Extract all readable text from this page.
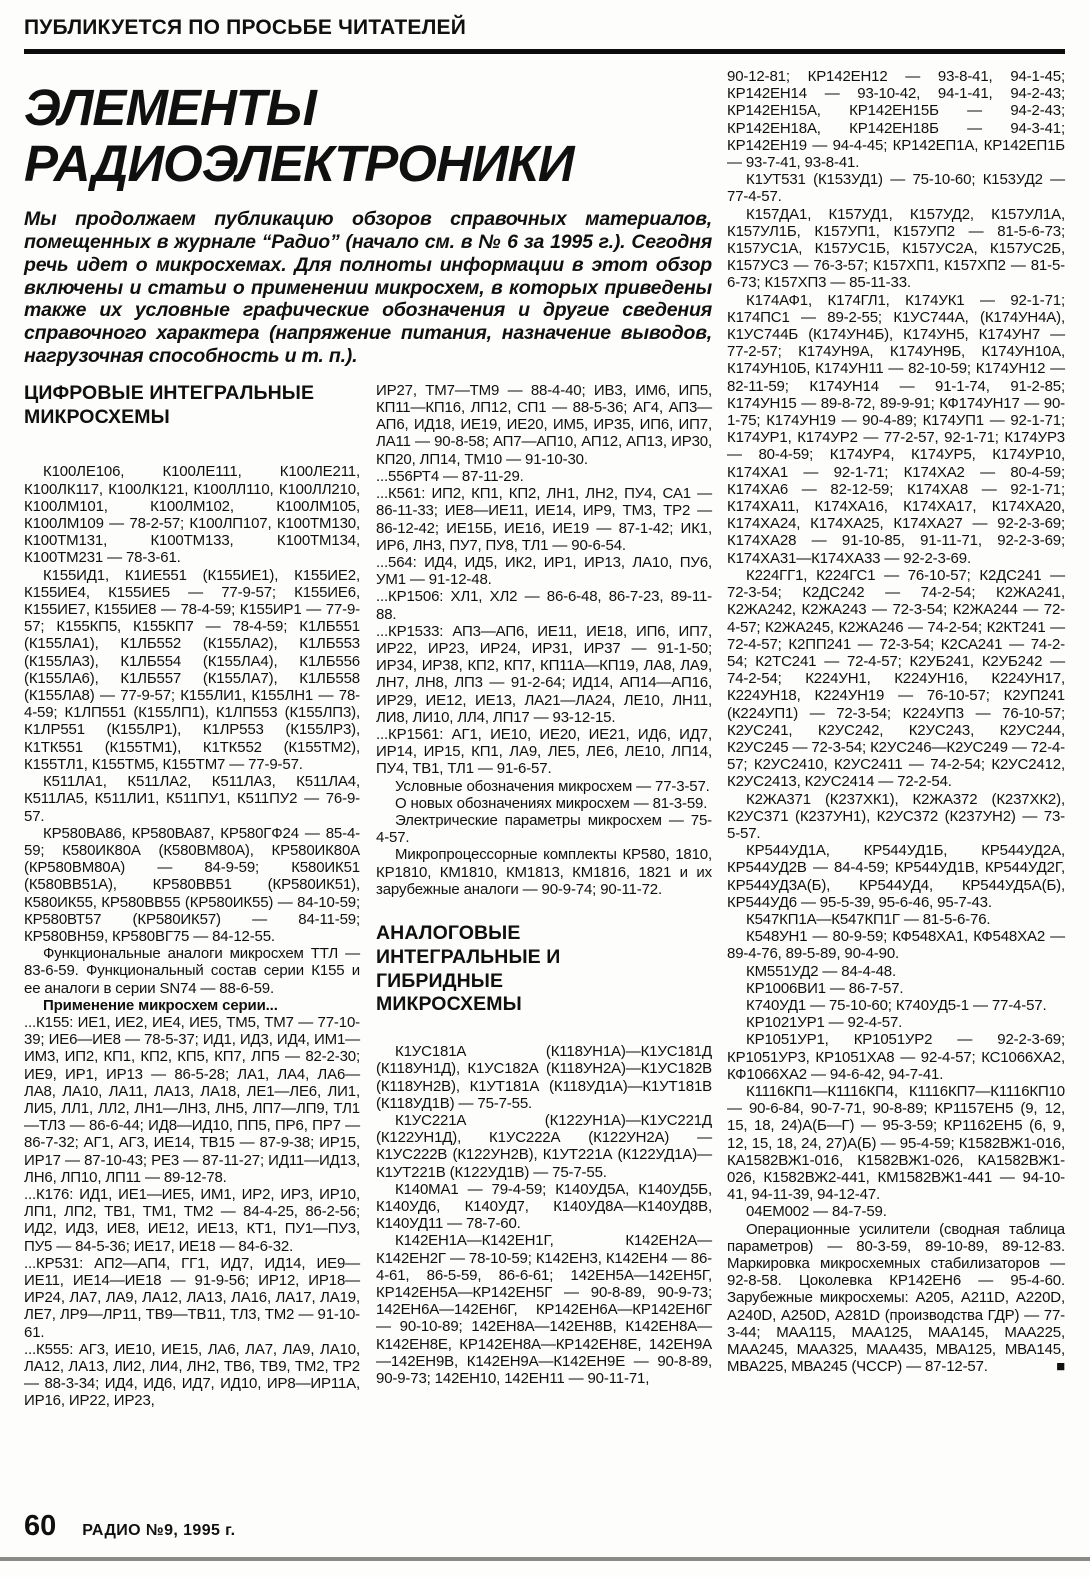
ПУБЛИКУЕТСЯ ПО ПРОСЬБЕ ЧИТАТЕЛЕЙ
ЭЛЕМЕНТЫ
РАДИОЭЛЕКТРОНИКИ

Мы продолжаем публикацию обзоров справочных материалов, помещенных в журнале “Радио” (начало см. в № 6 за 1995 г.). Сегодня речь идет о микросхемах. Для полноты информации в этот обзор включены и статьи о применении микросхем, в которых приведены также их условные графические обозначения и другие сведения справочного характера (напряжение питания, назначение выводов, нагрузочная способность и т. п.).

ЦИФРОВЫЕ ИНТЕГРАЛЬНЫЕ МИКРОСХЕМЫ

К100ЛЕ106, К100ЛЕ111, К100ЛЕ211, К100ЛК117, К100ЛК121, К100ЛЛ110, К100ЛЛ210, К100ЛМ101, К100ЛМ102, К100ЛМ105, К100ЛМ109 — 78-2-57; К100ЛП107, К100ТМ130, К100ТМ131, К100ТМ133, К100ТМ134, К100ТМ231 — 78-3-61.

К155ИД1, К1ИЕ551 (К155ИЕ1), К155ИЕ2, К155ИЕ4, К155ИЕ5 — 77-9-57; К155ИЕ6, К155ИЕ7, К155ИЕ8 — 78-4-59; К155ИР1 — 77-9-57; К155КП5, К155КП7 — 78-4-59; К1ЛБ551 (К155ЛА1), К1ЛБ552 (К155ЛА2), К1ЛБ553 (К155ЛА3), К1ЛБ554 (К155ЛА4), К1ЛБ556 (К155ЛА6), К1ЛБ557 (К155ЛА7), К1ЛБ558 (К155ЛА8) — 77-9-57; К155ЛИ1, К155ЛН1 — 78-4-59; К1ЛП551 (К155ЛП1), К1ЛП553 (К155ЛП3), К1ЛР551 (К155ЛР1), К1ЛР553 (К155ЛР3), К1ТК551 (К155ТМ1), К1ТК552 (К155ТМ2), К155ТЛ1, К155ТМ5, К155ТМ7 — 77-9-57.

К511ЛА1, К511ЛА2, К511ЛА3, К511ЛА4, К511ЛА5, К511ЛИ1, К511ПУ1, К511ПУ2 — 76-9-57.

КР580ВА86, КР580ВА87, КР580ГФ24 — 85-4-59; К580ИК80А (К580ВМ80А), КР580ИК80А (КР580ВМ80А) — 84-9-59; К580ИК51 (К580ВВ51А), КР580ВВ51 (КР580ИК51), К580ИК55, КР580ВВ55 (КР580ИК55) — 84-10-59; КР580ВТ57 (КР580ИК57) — 84-11-59; КР580ВН59, КР580ВГ75 — 84-12-55.

Функциональные аналоги микросхем ТТЛ — 83-6-59. Функциональный состав серии К155 и ее аналоги в серии SN74 — 88-6-59.

Применение микросхем серии...

...К155: ИЕ1, ИЕ2, ИЕ4, ИЕ5, ТМ5, ТМ7 — 77-10-39; ИЕ6—ИЕ8 — 78-5-37; ИД1, ИД3, ИД4, ИМ1—ИМ3, ИП2, КП1, КП2, КП5, КП7, ЛП5 — 82-2-30; ИЕ9, ИР1, ИР13 — 86-5-28; ЛА1, ЛА4, ЛА6—ЛА8, ЛА10, ЛА11, ЛА13, ЛА18, ЛЕ1—ЛЕ6, ЛИ1, ЛИ5, ЛЛ1, ЛЛ2, ЛН1—ЛН3, ЛН5, ЛП7—ЛП9, ТЛ1—ТЛ3 — 86-6-44; ИД8—ИД10, ПП5, ПР6, ПР7 — 86-7-32; АГ1, АГ3, ИЕ14, ТВ15 — 87-9-38; ИР15, ИР17 — 87-10-43; РЕ3 — 87-11-27; ИД11—ИД13, ЛН6, ЛП10, ЛП11 — 89-12-78.

...К176: ИД1, ИЕ1—ИЕ5, ИМ1, ИР2, ИР3, ИР10, ЛП1, ЛП2, ТВ1, ТМ1, ТМ2 — 84-4-25, 86-2-56; ИД2, ИД3, ИЕ8, ИЕ12, ИЕ13, КТ1, ПУ1—ПУ3, ПУ5 — 84-5-36; ИЕ17, ИЕ18 — 84-6-32.

...КР531: АП2—АП4, ГГ1, ИД7, ИД14, ИЕ9—ИЕ11, ИЕ14—ИЕ18 — 91-9-56; ИР12, ИР18—ИР24, ЛА7, ЛА9, ЛА12, ЛА13, ЛА16, ЛА17, ЛА19, ЛЕ7, ЛР9—ЛР11, ТВ9—ТВ11, ТЛ3, ТМ2 — 91-10-61.

...К555: АГ3, ИЕ10, ИЕ15, ЛА6, ЛА7, ЛА9, ЛА10, ЛА12, ЛА13, ЛИ2, ЛИ4, ЛН2, ТВ6, ТВ9, ТМ2, ТР2 — 88-3-34; ИД4, ИД6, ИД7, ИД10, ИР8—ИР11А, ИР16, ИР22, ИР23,

ИР27, ТМ7—ТМ9 — 88-4-40; ИВ3, ИМ6, ИП5, КП11—КП16, ЛП12, СП1 — 88-5-36; АГ4, АП3—АП6, ИД18, ИЕ19, ИЕ20, ИМ5, ИР35, ИП6, ИП7, ЛА11 — 90-8-58; АП7—АП10, АП12, АП13, ИР30, КП20, ЛП14, ТМ10 — 91-10-30.

...556РТ4 — 87-11-29.

...К561: ИП2, КП1, КП2, ЛН1, ЛН2, ПУ4, СА1 — 86-11-33; ИЕ8—ИЕ11, ИЕ14, ИР9, ТМ3, ТР2 — 86-12-42; ИЕ15Б, ИЕ16, ИЕ19 — 87-1-42; ИК1, ИР6, ЛН3, ПУ7, ПУ8, ТЛ1 — 90-6-54.

...564: ИД4, ИД5, ИК2, ИР1, ИР13, ЛА10, ПУ6, УМ1 — 91-12-48.

...КР1506: ХЛ1, ХЛ2 — 86-6-48, 86-7-23, 89-11-88.

...КР1533: АП3—АП6, ИЕ11, ИЕ18, ИП6, ИП7, ИР22, ИР23, ИР24, ИР31, ИР37 — 91-1-50; ИР34, ИР38, КП2, КП7, КП11А—КП19, ЛА8, ЛА9, ЛН7, ЛН8, ЛП3 — 91-2-64; ИД14, АП14—АП16, ИР29, ИЕ12, ИЕ13, ЛА21—ЛА24, ЛЕ10, ЛН11, ЛИ8, ЛИ10, ЛЛ4, ЛП17 — 93-12-15.

...КР1561: АГ1, ИЕ10, ИЕ20, ИЕ21, ИД6, ИД7, ИР14, ИР15, КП1, ЛА9, ЛЕ5, ЛЕ6, ЛЕ10, ЛП14, ПУ4, ТВ1, ТЛ1 — 91-6-57.

Условные обозначения микросхем — 77-3-57.

О новых обозначениях микросхем — 81-3-59.

Электрические параметры микросхем — 75-4-57.

Микропроцессорные комплекты КР580, 1810, КР1810, КМ1810, КМ1813, КМ1816, 1821 и их зарубежные аналоги — 90-9-74; 90-11-72.

АНАЛОГОВЫЕ ИНТЕГРАЛЬНЫЕ И ГИБРИДНЫЕ МИКРОСХЕМЫ

К1УС181А (К118УН1А)—К1УС181Д (К118УН1Д), К1УС182А (К118УН2А)—К1УС182В (К118УН2В), К1УТ181А (К118УД1А)—К1УТ181В (К118УД1В) — 75-7-55.

К1УС221А (К122УН1А)—К1УС221Д (К122УН1Д), К1УС222А (К122УН2А) — К1УС222В (К122УН2В), К1УТ221А (К122УД1А)—К1УТ221В (К122УД1В) — 75-7-55.

К140МА1 — 79-4-59; К140УД5А, К140УД5Б, К140УД6, К140УД7, К140УД8А—К140УД8В, К140УД11 — 78-7-60.

К142ЕН1А—К142ЕН1Г, К142ЕН2А—К142ЕН2Г — 78-10-59; К142ЕН3, К142ЕН4 — 86-4-61, 86-5-59, 86-6-61; 142ЕН5А—142ЕН5Г, КР142ЕН5А—КР142ЕН5Г — 90-8-89, 90-9-73; 142ЕН6А—142ЕН6Г, КР142ЕН6А—КР142ЕН6Г — 90-10-89; 142ЕН8А—142ЕН8В, К142ЕН8А—К142ЕН8Е, КР142ЕН8А—КР142ЕН8Е, 142ЕН9А—142ЕН9В, К142ЕН9А—К142ЕН9Е — 90-8-89, 90-9-73; 142ЕН10, 142ЕН11 — 90-11-71,

90-12-81; КР142ЕН12 — 93-8-41, 94-1-45; КР142ЕН14 — 93-10-42, 94-1-41, 94-2-43; КР142ЕН15А, КР142ЕН15Б — 94-2-43; КР142ЕН18А, КР142ЕН18Б — 94-3-41; КР142ЕН19 — 94-4-45; КР142ЕП1А, КР142ЕП1Б — 93-7-41, 93-8-41.

К1УТ531 (К153УД1) — 75-10-60; К153УД2 — 77-4-57.

К157ДА1, К157УД1, К157УД2, К157УЛ1А, К157УЛ1Б, К157УП1, К157УП2 — 81-5-6-73; К157УС1А, К157УС1Б, К157УС2А, К157УС2Б, К157УС3 — 76-3-57; К157ХП1, К157ХП2 — 81-5-6-73; К157ХП3 — 85-11-33.

К174АФ1, К174ГЛ1, К174УК1 — 92-1-71; К174ПС1 — 89-2-55; К1УС744А, (К174УН4А), К1УС744Б (К174УН4Б), К174УН5, К174УН7 — 77-2-57; К174УН9А, К174УН9Б, К174УН10А, К174УН10Б, К174УН11 — 82-10-59; К174УН12 — 82-11-59; К174УН14 — 91-1-74, 91-2-85; К174УН15 — 89-8-72, 89-9-91; КФ174УН17 — 90-1-75; К174УН19 — 90-4-89; К174УП1 — 92-1-71; К174УР1, К174УР2 — 77-2-57, 92-1-71; К174УР3 — 80-4-59; К174УР4, К174УР5, К174УР10, К174ХА1 — 92-1-71; К174ХА2 — 80-4-59; К174ХА6 — 82-12-59; К174ХА8 — 92-1-71; К174ХА11, К174ХА16, К174ХА17, К174ХА20, К174ХА24, К174ХА25, К174ХА27 — 92-2-3-69; К174ХА28 — 91-10-85, 91-11-71, 92-2-3-69; К174ХА31—К174ХА33 — 92-2-3-69.

К224ГГ1, К224ГС1 — 76-10-57; К2ДС241 — 72-3-54; К2ДС242 — 74-2-54; К2ЖА241, К2ЖА242, К2ЖА243 — 72-3-54; К2ЖА244 — 72-4-57; К2ЖА245, К2ЖА246 — 74-2-54; К2КТ241 — 72-4-57; К2ПП241 — 72-3-54; К2СА241 — 74-2-54; К2ТС241 — 72-4-57; К2УБ241, К2УБ242 — 74-2-54; К224УН1, К224УН16, К224УН17, К224УН18, К224УН19 — 76-10-57; К2УП241 (К224УП1) — 72-3-54; К224УП3 — 76-10-57; К2УС241, К2УС242, К2УС243, К2УС244, К2УС245 — 72-3-54; К2УС246—К2УС249 — 72-4-57; К2УС2410, К2УС2411 — 74-2-54; К2УС2412, К2УС2413, К2УС2414 — 72-2-54.

К2ЖА371 (К237ХК1), К2ЖА372 (К237ХК2), К2УС371 (К237УН1), К2УС372 (К237УН2) — 73-5-57.

КР544УД1А, КР544УД1Б, КР544УД2А, КР544УД2В — 84-4-59; КР544УД1В, КР544УД2Г, КР544УД3А(Б), КР544УД4, КР544УД5А(Б), КР544УД6 — 95-5-39, 95-6-46, 95-7-43.

К547КП1А—К547КП1Г — 81-5-6-76.

К548УН1 — 80-9-59; КФ548ХА1, КФ548ХА2 — 89-4-76, 89-5-89, 90-4-90.

КМ551УД2 — 84-4-48.

КР1006ВИ1 — 86-7-57.

К740УД1 — 75-10-60; К740УД5-1 — 77-4-57.

КР1021УР1 — 92-4-57.

КР1051УР1, КР1051УР2 — 92-2-3-69; КР1051УР3, КР1051ХА8 — 92-4-57; КС1066ХА2, КФ1066ХА2 — 94-6-42, 94-7-41.

К1116КП1—К1116КП4, К1116КП7—К1116КП10 — 90-6-84, 90-7-71, 90-8-89; КР1157ЕН5 (9, 12, 15, 18, 24)А(Б—Г) — 95-3-59; КР1162ЕН5 (6, 9, 12, 15, 18, 24, 27)А(Б) — 95-4-59; К1582ВЖ1-016, КА1582ВЖ1-016, К1582ВЖ1-026, КА1582ВЖ1-026, К1582ВЖ2-441, КМ1582ВЖ1-441 — 94-10-41, 94-11-39, 94-12-47.

04ЕМ002 — 84-7-59.

Операционные усилители (сводная таблица параметров) — 80-3-59, 89-10-89, 89-12-83. Маркировка микросхемных стабилизаторов — 92-8-58. Цоколевка КР142ЕН6 — 95-4-60. Зарубежные микросхемы: А205, А211D, А220D, А240D, А250D, А281D (производства ГДР) — 77-3-44; МАА115, МАА125, МАА145, МАА225, МАА245, МАА325, МАА435, МВА125, МВА145, МВА225, МВА245 (ЧССР) — 87-12-57.	■

60 РАДИО №9, 1995 г.
